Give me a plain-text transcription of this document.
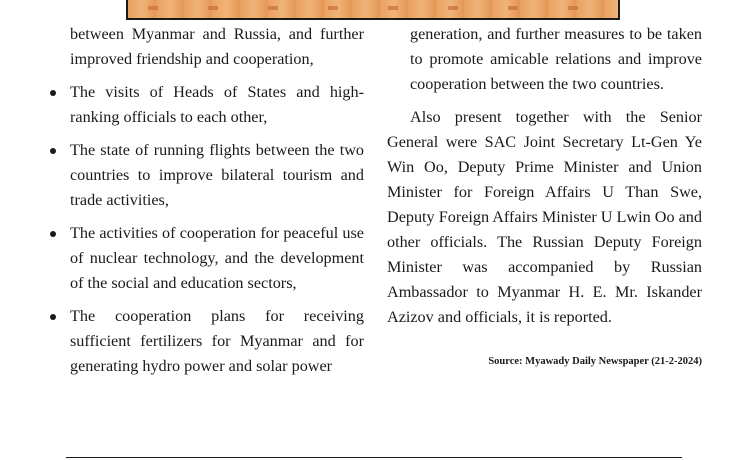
between Myanmar and Russia, and further improved friendship and cooperation,

The visits of Heads of States and high-ranking officials to each other,

The state of running flights between the two countries to improve bilateral tourism and trade activities,

The activities of cooperation for peaceful use of nuclear technology, and the development of the social and education sectors,

The cooperation plans for receiving sufficient fertilizers for Myanmar and for generating hydro power and solar power

generation, and further measures to be taken to promote amicable relations and improve cooperation between the two countries.

Also present together with the Senior General were SAC Joint Secretary Lt-Gen Ye Win Oo, Deputy Prime Minister and Union Minister for Foreign Affairs U Than Swe, Deputy Foreign Affairs Minister U Lwin Oo and other officials. The Russian Deputy Foreign Minister was accompanied by Russian Ambassador to Myanmar H. E. Mr. Iskander Azizov and officials, it is reported.

Source: Myawady Daily Newspaper (21-2-2024)
